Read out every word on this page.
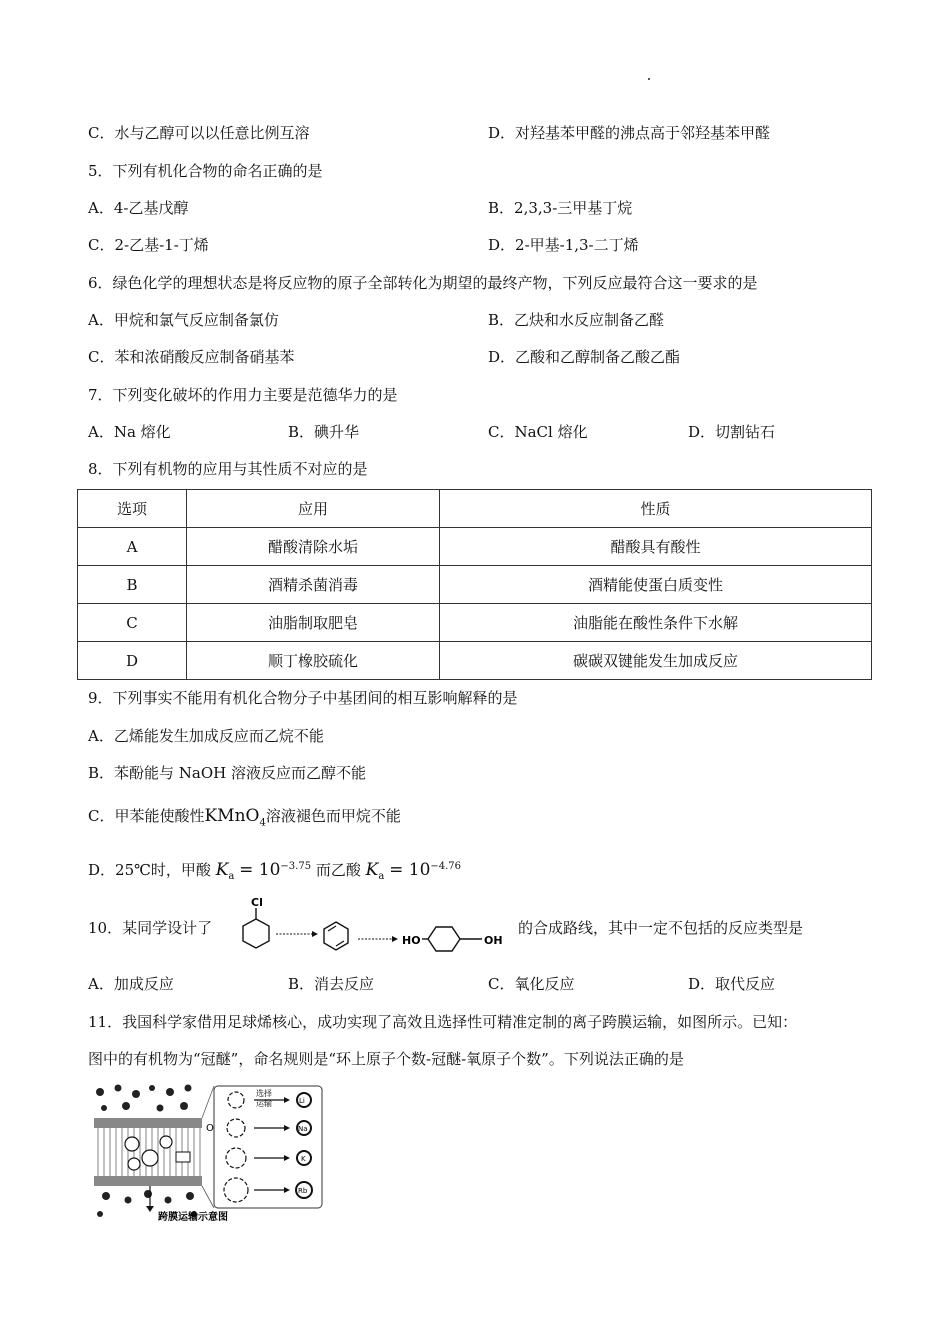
C．水与乙醇可以以任意比例互溶	D．对羟基苯甲醛的沸点高于邻羟基苯甲醛
5．下列有机化合物的命名正确的是
A．4-乙基戊醇	B．2,3,3-三甲基丁烷
C．2-乙基-1-丁烯	D．2-甲基-1,3-二丁烯
6．绿色化学的理想状态是将反应物的原子全部转化为期望的最终产物，下列反应最符合这一要求的是
A．甲烷和氯气反应制备氯仿	B．乙炔和水反应制备乙醛
C．苯和浓硝酸反应制备硝基苯	D．乙酸和乙醇制备乙酸乙酯
7．下列变化破坏的作用力主要是范德华力的是
A．Na 熔化	B．碘升华	C．NaCl 熔化	D．切割钻石
8．下列有机物的应用与其性质不对应的是
选项	应用	性质
A	醋酸清除水垢	醋酸具有酸性
B	酒精杀菌消毒	酒精能使蛋白质变性
C	油脂制取肥皂	油脂能在酸性条件下水解
D	顺丁橡胶硫化	碳碳双键能发生加成反应
9．下列事实不能用有机化合物分子中基团间的相互影响解释的是
A．乙烯能发生加成反应而乙烷不能
B．苯酚能与 NaOH 溶液反应而乙醇不能
C．甲苯能使酸性KMnO$_4$溶液褪色而甲烷不能
D．25℃时，甲酸 $K_a = 10^{-3.75}$ 而乙酸 $K_a = 10^{-4.76}$
10．某同学设计了
Cl
HO	OH
的合成路线，其中一定不包括的反应类型是
A．加成反应	B．消去反应	C．氧化反应	D．取代反应
11．我国科学家借用足球烯核心，成功实现了高效且选择性可精准定制的离子跨膜运输，如图所示。已知：
图中的有机物为“冠醚”，命名规则是“环上原子个数-冠醚-氧原子个数”。下列说法正确的是
跨膜运输示意图
选择
运输
O
Li
Na
K
Rb
